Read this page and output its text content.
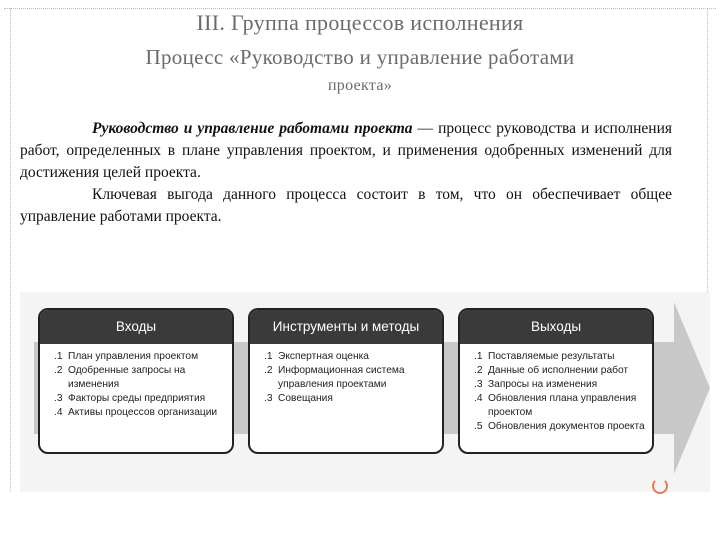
III. Группа процессов исполнения
Процесс «Руководство и управление работами
проекта»

Руководство и управление работами проекта — процесс руководства и исполнения работ, определенных в плане управления проектом, и применения одобренных изменений для достижения целей проекта.

Ключевая выгода данного процесса состоит в том, что он обеспечивает общее управление работами проекта.

Входы
.1 План управления проектом
.2 Одобренные запросы на изменения
.3 Факторы среды предприятия
.4 Активы процессов организации
Инструменты и методы
.1 Экспертная оценка
.2 Информационная система управления проектами
.3 Совещания
Выходы
.1 Поставляемые результаты
.2 Данные об исполнении работ
.3 Запросы на изменения
.4 Обновления плана управления проектом
.5 Обновления документов проекта
